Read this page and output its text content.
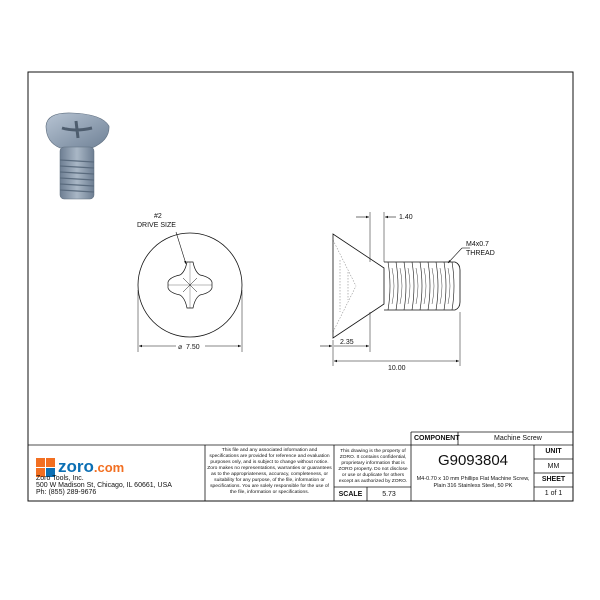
#2
DRIVE SIZE
⌀ 7.50
1.40
M4x0.7
THREAD
2.35
10.00
zoro.com
Zoro Tools, Inc.
500 W Madison St, Chicago, IL 60661, USA
Ph: (855) 289-9676
This file and any associated information and specifications are provided for reference and evaluation purposes only, and is subject to change without notice. Zoro makes no representations, warranties or guarantees as to the appropriateness, accuracy, completeness, or suitability for any purpose, of the file, information or specifications. You are solely responsible for the use of the file, information or specifications.
This drawing is the property of ZORO. It contains confidential, proprietary information that is ZORO property. Do not disclose or use or duplicate for others except as authorized by ZORO.
COMPONENT	Machine Screw
G9093804
M4-0.70 x 10 mm Phillips Flat Machine Screw, Plain 316 Stainless Steel, 50 PK
UNIT
MM
SHEET
1 of 1
SCALE	5.73
